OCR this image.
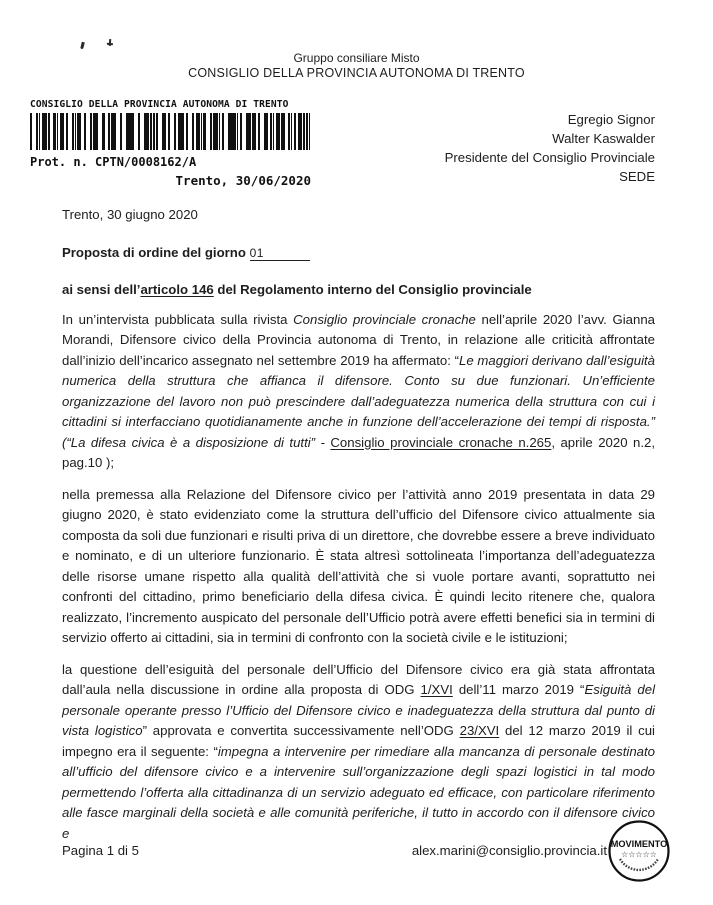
Gruppo consiliare Misto
CONSIGLIO DELLA PROVINCIA AUTONOMA DI TRENTO
CONSIGLIO DELLA PROVINCIA AUTONOMA DI TRENTO
Prot. n. CPTN/0008162/A
Trento, 30/06/2020
Egregio Signor
Walter Kaswalder
Presidente del Consiglio Provinciale
SEDE
Trento, 30 giugno 2020
Proposta di ordine del giorno 01
ai sensi dell’articolo 146 del Regolamento interno del Consiglio provinciale

In un’intervista pubblicata sulla rivista Consiglio provinciale cronache nell’aprile 2020 l’avv. Gianna Morandi, Difensore civico della Provincia autonoma di Trento, in relazione alle criticità affrontate dall’inizio dell’incarico assegnato nel settembre 2019 ha affermato: “Le maggiori derivano dall’esiguità numerica della struttura che affianca il difensore. Conto su due funzionari. Un’efficiente organizzazione del lavoro non può prescindere dall’adeguatezza numerica della struttura con cui i cittadini si interfacciano quotidianamente anche in funzione dell’accelerazione dei tempi di risposta.” (“La difesa civica è a disposizione di tutti” - Consiglio provinciale cronache n.265, aprile 2020 n.2, pag.10 );

nella premessa alla Relazione del Difensore civico per l’attività anno 2019 presentata in data 29 giugno 2020, è stato evidenziato come la struttura dell’ufficio del Difensore civico attualmente sia composta da soli due funzionari e risulti priva di un direttore, che dovrebbe essere a breve individuato e nominato, e di un ulteriore funzionario. È stata altresì sottolineata l’importanza dell’adeguatezza delle risorse umane rispetto alla qualità dell’attività che si vuole portare avanti, soprattutto nei confronti del cittadino, primo beneficiario della difesa civica. È quindi lecito ritenere che, qualora realizzato, l’incremento auspicato del personale dell’Ufficio potrà avere effetti benefici sia in termini di servizio offerto ai cittadini, sia in termini di confronto con la società civile e le istituzioni;

la questione dell’esiguità del personale dell’Ufficio del Difensore civico era già stata affrontata dall’aula nella discussione in ordine alla proposta di ODG 1/XVI dell’11 marzo 2019 “Esiguità del personale operante presso l’Ufficio del Difensore civico e inadeguatezza della struttura dal punto di vista logistico” approvata e convertita successivamente nell’ODG 23/XVI del 12 marzo 2019 il cui impegno era il seguente: “impegna a intervenire per rimediare alla mancanza di personale destinato all’ufficio del difensore civico e a intervenire sull’organizzazione degli spazi logistici in tal modo permettendo l’offerta alla cittadinanza di un servizio adeguato ed efficace, con particolare riferimento alle fasce marginali della società e alle comunità periferiche, il tutto in accordo con il difensore civico e

Pagina 1 di 5	alex.marini@consiglio.provincia.it MOVIMENTO
☆☆☆☆☆
